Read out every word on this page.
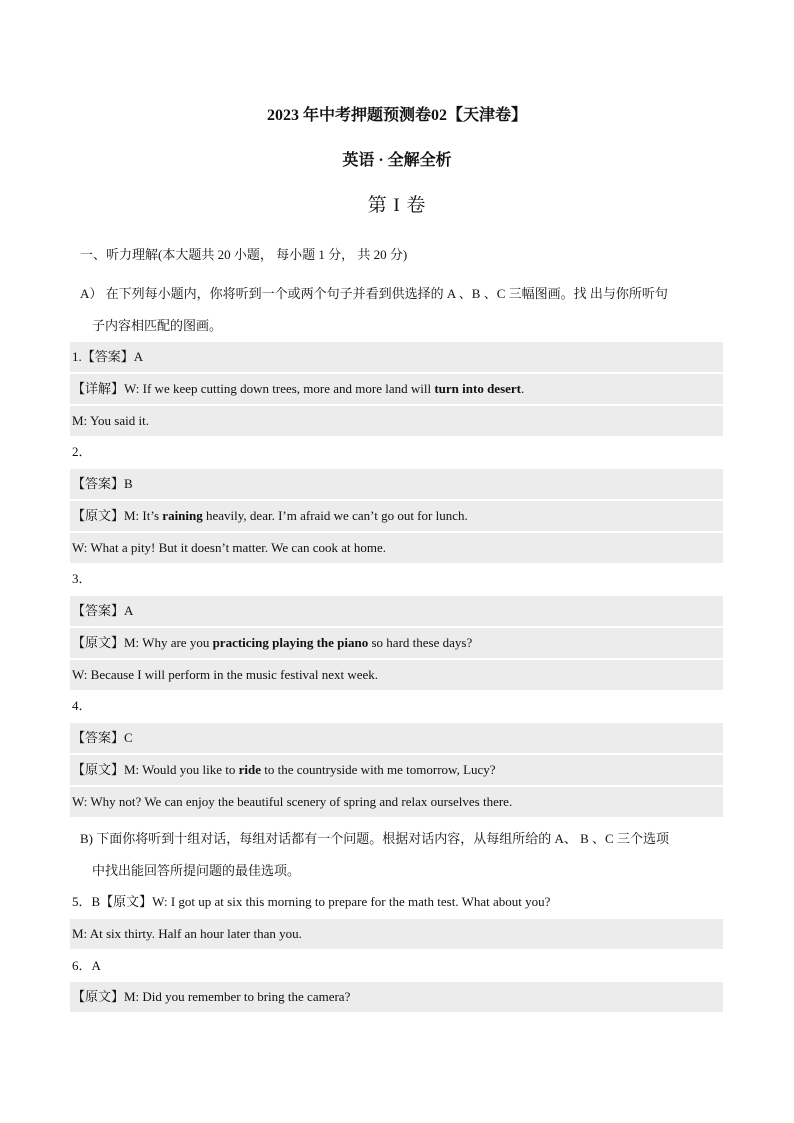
2023 年中考押题预测卷02【天津卷】
英语 · 全解全析
第 I 卷
一、听力理解(本大题共 20 小题， 每小题 1 分， 共 20 分)
A） 在下列每小题内，你将听到一个或两个句子并看到供选择的 A 、B 、C 三幅图画。找 出与你所听句
子内容相匹配的图画。
1.【答案】A
【详解】W: If we keep cutting down trees, more and more land will turn into desert.
M: You said it.
2．
【答案】B
【原文】M: It’s raining heavily, dear. I’m afraid we can’t go out for lunch.
W: What a pity! But it doesn’t matter. We can cook at home.
3．
【答案】A
【原文】M: Why are you practicing playing the piano so hard these days?
W: Because I will perform in the music festival next week.
4．
【答案】C
【原文】M: Would you like to ride to the countryside with me tomorrow, Lucy?
W: Why not? We can enjoy the beautiful scenery of spring and relax ourselves there.
B) 下面你将听到十组对话，每组对话都有一个问题。根据对话内容，从每组所给的 A、 B 、C 三个选项
中找出能回答所提问题的最佳选项。
5．B【原文】W: I got up at six this morning to prepare for the math test. What about you?
M: At six thirty. Half an hour later than you.
6．A
【原文】M: Did you remember to bring the camera?
